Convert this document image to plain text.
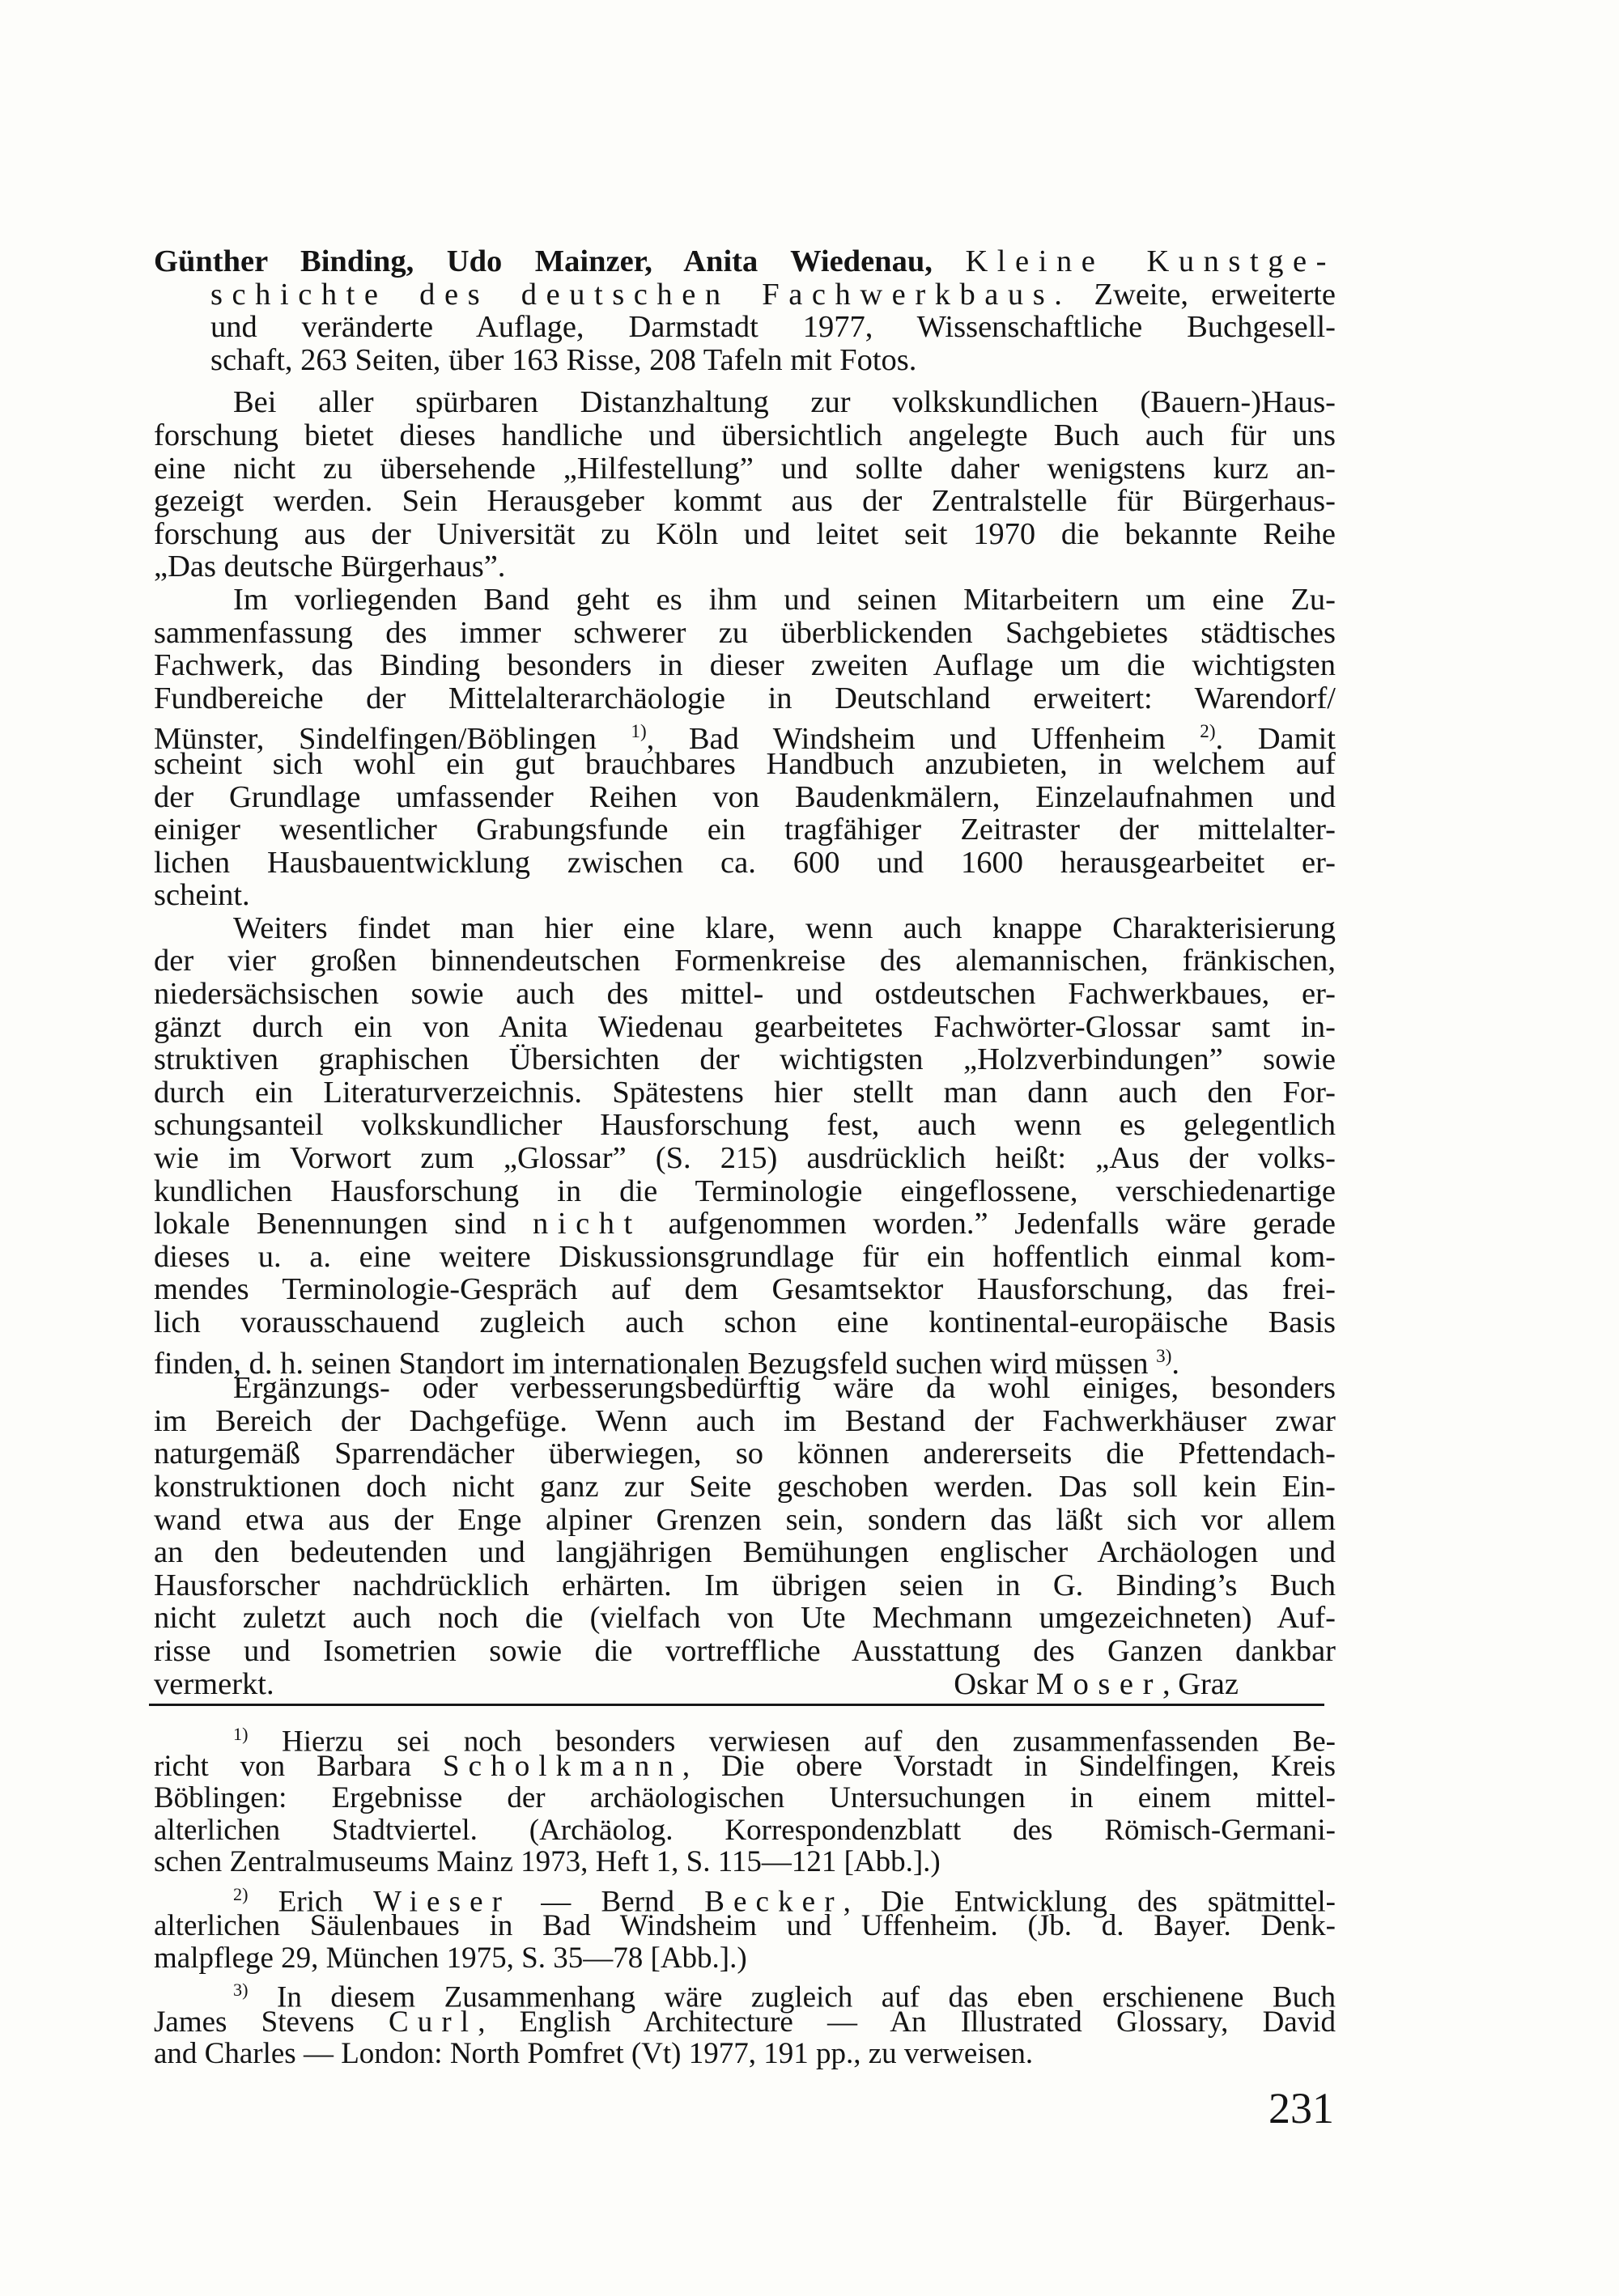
Günther Binding, Udo Mainzer, Anita Wiedenau, Kleine Kunstge-
schichte des deutschen Fachwerkbaus. Zweite, erweiterte
und veränderte Auflage, Darmstadt 1977, Wissenschaftliche Buchgesell-
schaft, 263 Seiten, über 163 Risse, 208 Tafeln mit Fotos.
Bei aller spürbaren Distanzhaltung zur volkskundlichen (Bauern-)Haus-
forschung bietet dieses handliche und übersichtlich angelegte Buch auch für uns
eine nicht zu übersehende „Hilfestellung” und sollte daher wenigstens kurz an-
gezeigt werden. Sein Herausgeber kommt aus der Zentralstelle für Bürgerhaus-
forschung aus der Universität zu Köln und leitet seit 1970 die bekannte Reihe
„Das deutsche Bürgerhaus”.
Im vorliegenden Band geht es ihm und seinen Mitarbeitern um eine Zu-
sammenfassung des immer schwerer zu überblickenden Sachgebietes städtisches
Fachwerk, das Binding besonders in dieser zweiten Auflage um die wichtigsten
Fundbereiche der Mittelalterarchäologie in Deutschland erweitert: Warendorf/
Münster, Sindelfingen/Böblingen $^{1)}$, Bad Windsheim und Uffenheim $^{2)}$. Damit
scheint sich wohl ein gut brauchbares Handbuch anzubieten, in welchem auf
der Grundlage umfassender Reihen von Baudenkmälern, Einzelaufnahmen und
einiger wesentlicher Grabungsfunde ein tragfähiger Zeitraster der mittelalter-
lichen Hausbauentwicklung zwischen ca. 600 und 1600 herausgearbeitet er-
scheint.
Weiters findet man hier eine klare, wenn auch knappe Charakterisierung
der vier großen binnendeutschen Formenkreise des alemannischen, fränkischen,
niedersächsischen sowie auch des mittel- und ostdeutschen Fachwerkbaues, er-
gänzt durch ein von Anita Wiedenau gearbeitetes Fachwörter-Glossar samt in-
struktiven graphischen Übersichten der wichtigsten „Holzverbindungen” sowie
durch ein Literaturverzeichnis. Spätestens hier stellt man dann auch den For-
schungsanteil volkskundlicher Hausforschung fest, auch wenn es gelegentlich
wie im Vorwort zum „Glossar” (S. 215) ausdrücklich heißt: „Aus der volks-
kundlichen Hausforschung in die Terminologie eingeflossene, verschiedenartige
lokale Benennungen sind nicht aufgenommen worden.” Jedenfalls wäre gerade
dieses u. a. eine weitere Diskussionsgrundlage für ein hoffentlich einmal kom-
mendes Terminologie-Gespräch auf dem Gesamtsektor Hausforschung, das frei-
lich vorausschauend zugleich auch schon eine kontinental-europäische Basis
finden, d. h. seinen Standort im internationalen Bezugsfeld suchen wird müssen $^{3)}$.
Ergänzungs- oder verbesserungsbedürftig wäre da wohl einiges, besonders
im Bereich der Dachgefüge. Wenn auch im Bestand der Fachwerkhäuser zwar
naturgemäß Sparrendächer überwiegen, so können andererseits die Pfettendach-
konstruktionen doch nicht ganz zur Seite geschoben werden. Das soll kein Ein-
wand etwa aus der Enge alpiner Grenzen sein, sondern das läßt sich vor allem
an den bedeutenden und langjährigen Bemühungen englischer Archäologen und
Hausforscher nachdrücklich erhärten. Im übrigen seien in G. Binding’s Buch
nicht zuletzt auch noch die (vielfach von Ute Mechmann umgezeichneten) Auf-
risse und Isometrien sowie die vortreffliche Ausstattung des Ganzen dankbar
vermerkt.	Oskar Moser, Graz
$^{1)}$ Hierzu sei noch besonders verwiesen auf den zusammenfassenden Be-
richt von Barbara Scholkmann, Die obere Vorstadt in Sindelfingen, Kreis
Böblingen: Ergebnisse der archäologischen Untersuchungen in einem mittel-
alterlichen Stadtviertel. (Archäolog. Korrespondenzblatt des Römisch-Germani-
schen Zentralmuseums Mainz 1973, Heft 1, S. 115—121 [Abb.].)
$^{2)}$ Erich Wieser — Bernd Becker, Die Entwicklung des spätmittel-
alterlichen Säulenbaues in Bad Windsheim und Uffenheim. (Jb. d. Bayer. Denk-
malpflege 29, München 1975, S. 35—78 [Abb.].)
$^{3)}$ In diesem Zusammenhang wäre zugleich auf das eben erschienene Buch
James Stevens Curl, English Architecture — An Illustrated Glossary, David
and Charles — London: North Pomfret (Vt) 1977, 191 pp., zu verweisen.
231
